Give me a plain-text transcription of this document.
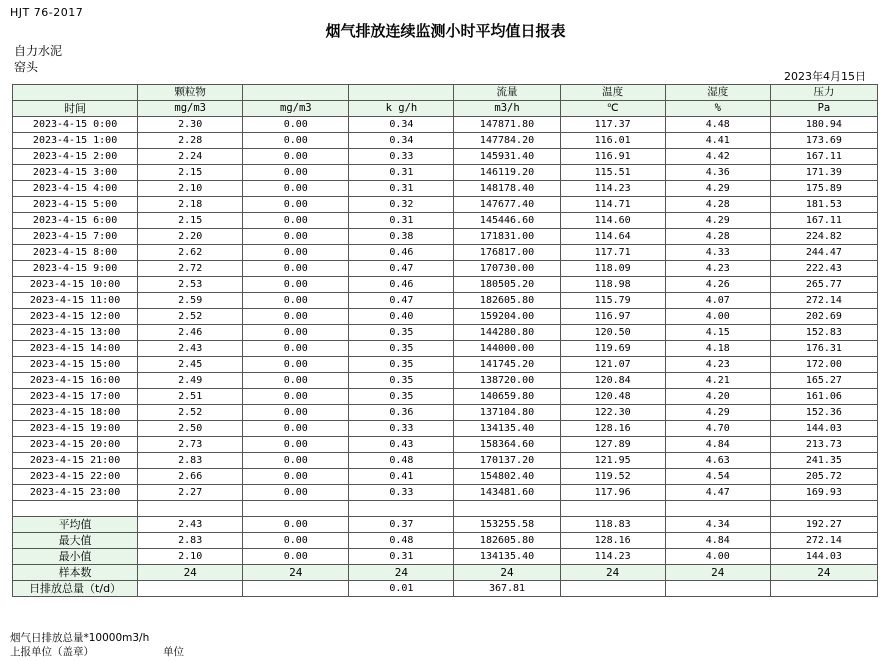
HJT 76-2017
烟气排放连续监测小时平均值日报表
自力水泥
窑头
2023年4月15日
	颗粒物			流量	温度	湿度	压力
时间	mg/m3	mg/m3	k g/h	m3/h	℃	%	Pa
2023-4-15 0:00	2.30	0.00	0.34	147871.80	117.37	4.48	180.94
2023-4-15 1:00	2.28	0.00	0.34	147784.20	116.01	4.41	173.69
2023-4-15 2:00	2.24	0.00	0.33	145931.40	116.91	4.42	167.11
2023-4-15 3:00	2.15	0.00	0.31	146119.20	115.51	4.36	171.39
2023-4-15 4:00	2.10	0.00	0.31	148178.40	114.23	4.29	175.89
2023-4-15 5:00	2.18	0.00	0.32	147677.40	114.71	4.28	181.53
2023-4-15 6:00	2.15	0.00	0.31	145446.60	114.60	4.29	167.11
2023-4-15 7:00	2.20	0.00	0.38	171831.00	114.64	4.28	224.82
2023-4-15 8:00	2.62	0.00	0.46	176817.00	117.71	4.33	244.47
2023-4-15 9:00	2.72	0.00	0.47	170730.00	118.09	4.23	222.43
2023-4-15 10:00	2.53	0.00	0.46	180505.20	118.98	4.26	265.77
2023-4-15 11:00	2.59	0.00	0.47	182605.80	115.79	4.07	272.14
2023-4-15 12:00	2.52	0.00	0.40	159204.00	116.97	4.00	202.69
2023-4-15 13:00	2.46	0.00	0.35	144280.80	120.50	4.15	152.83
2023-4-15 14:00	2.43	0.00	0.35	144000.00	119.69	4.18	176.31
2023-4-15 15:00	2.45	0.00	0.35	141745.20	121.07	4.23	172.00
2023-4-15 16:00	2.49	0.00	0.35	138720.00	120.84	4.21	165.27
2023-4-15 17:00	2.51	0.00	0.35	140659.80	120.48	4.20	161.06
2023-4-15 18:00	2.52	0.00	0.36	137104.80	122.30	4.29	152.36
2023-4-15 19:00	2.50	0.00	0.33	134135.40	128.16	4.70	144.03
2023-4-15 20:00	2.73	0.00	0.43	158364.60	127.89	4.84	213.73
2023-4-15 21:00	2.83	0.00	0.48	170137.20	121.95	4.63	241.35
2023-4-15 22:00	2.66	0.00	0.41	154802.40	119.52	4.54	205.72
2023-4-15 23:00	2.27	0.00	0.33	143481.60	117.96	4.47	169.93

平均值	2.43	0.00	0.37	153255.58	118.83	4.34	192.27
最大值	2.83	0.00	0.48	182605.80	128.16	4.84	272.14
最小值	2.10	0.00	0.31	134135.40	114.23	4.00	144.03
样本数	24	24	24	24	24	24	24
日排放总量（t/d）			0.01	367.81			
烟气日排放总量*10000m3/h
上报单位（盖章）	单位
